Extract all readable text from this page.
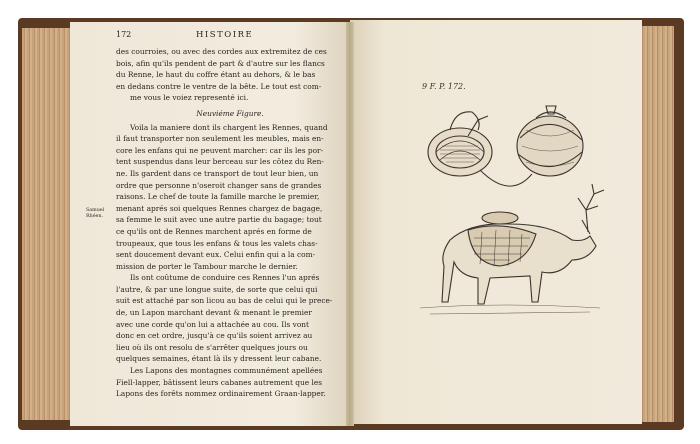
172	HISTOIRE
des courroies, ou avec des cordes aux extremitez de ces
bois, afin qu'ils pendent de part & d'autre sur les flancs
du Renne, le haut du coffre étant au dehors, & le bas
en dedans contre le ventre de la bête. Le tout est com-
me vous le voiez representé ici.
Neuviéme Figure.
Voila la maniere dont ils chargent les Rennes, quand
il faut transporter non seulement les meubles, mais en-
core les enfans qui ne peuvent marcher: car ils les por-
tent suspendus dans leur berceau sur les côtez du Ren-
ne. Ils gardent dans ce transport de tout leur bien, un
ordre que personne n'oseroit changer sans de grandes
raisons. Le chef de toute la famille marche le premier,
menant aprés soi quelques Rennes chargez de bagage,
sa femme le suit avec une autre partie du bagage; tout
ce qu'ils ont de Rennes marchent aprés en forme de
troupeaux, que tous les enfans & tous les valets chas-
sent doucement devant eux. Celui enfin qui a la com-
mission de porter le Tambour marche le dernier.
Ils ont coûtume de conduire ces Rennes l'un aprés
l'autre, & par une longue suite, de sorte que celui qui
suit est attaché par son licou au bas de celui qui le prece-
de, un Lapon marchant devant & menant le premier
avec une corde qu'on lui a attachée au cou. Ils vont
donc en cet ordre, jusqu'à ce qu'ils soient arrivez au
lieu où ils ont resolu de s'arrêter quelques jours ou
quelques semaines, étant là ils y dressent leur cabane.
Les Lapons des montagnes communément apellées
Fiell-lapper, bâtissent leurs cabanes autrement que les
Lapons des forêts nommez ordinairement Graan-lapper.
Samuel Rhéen.
9 F. P. 172.
